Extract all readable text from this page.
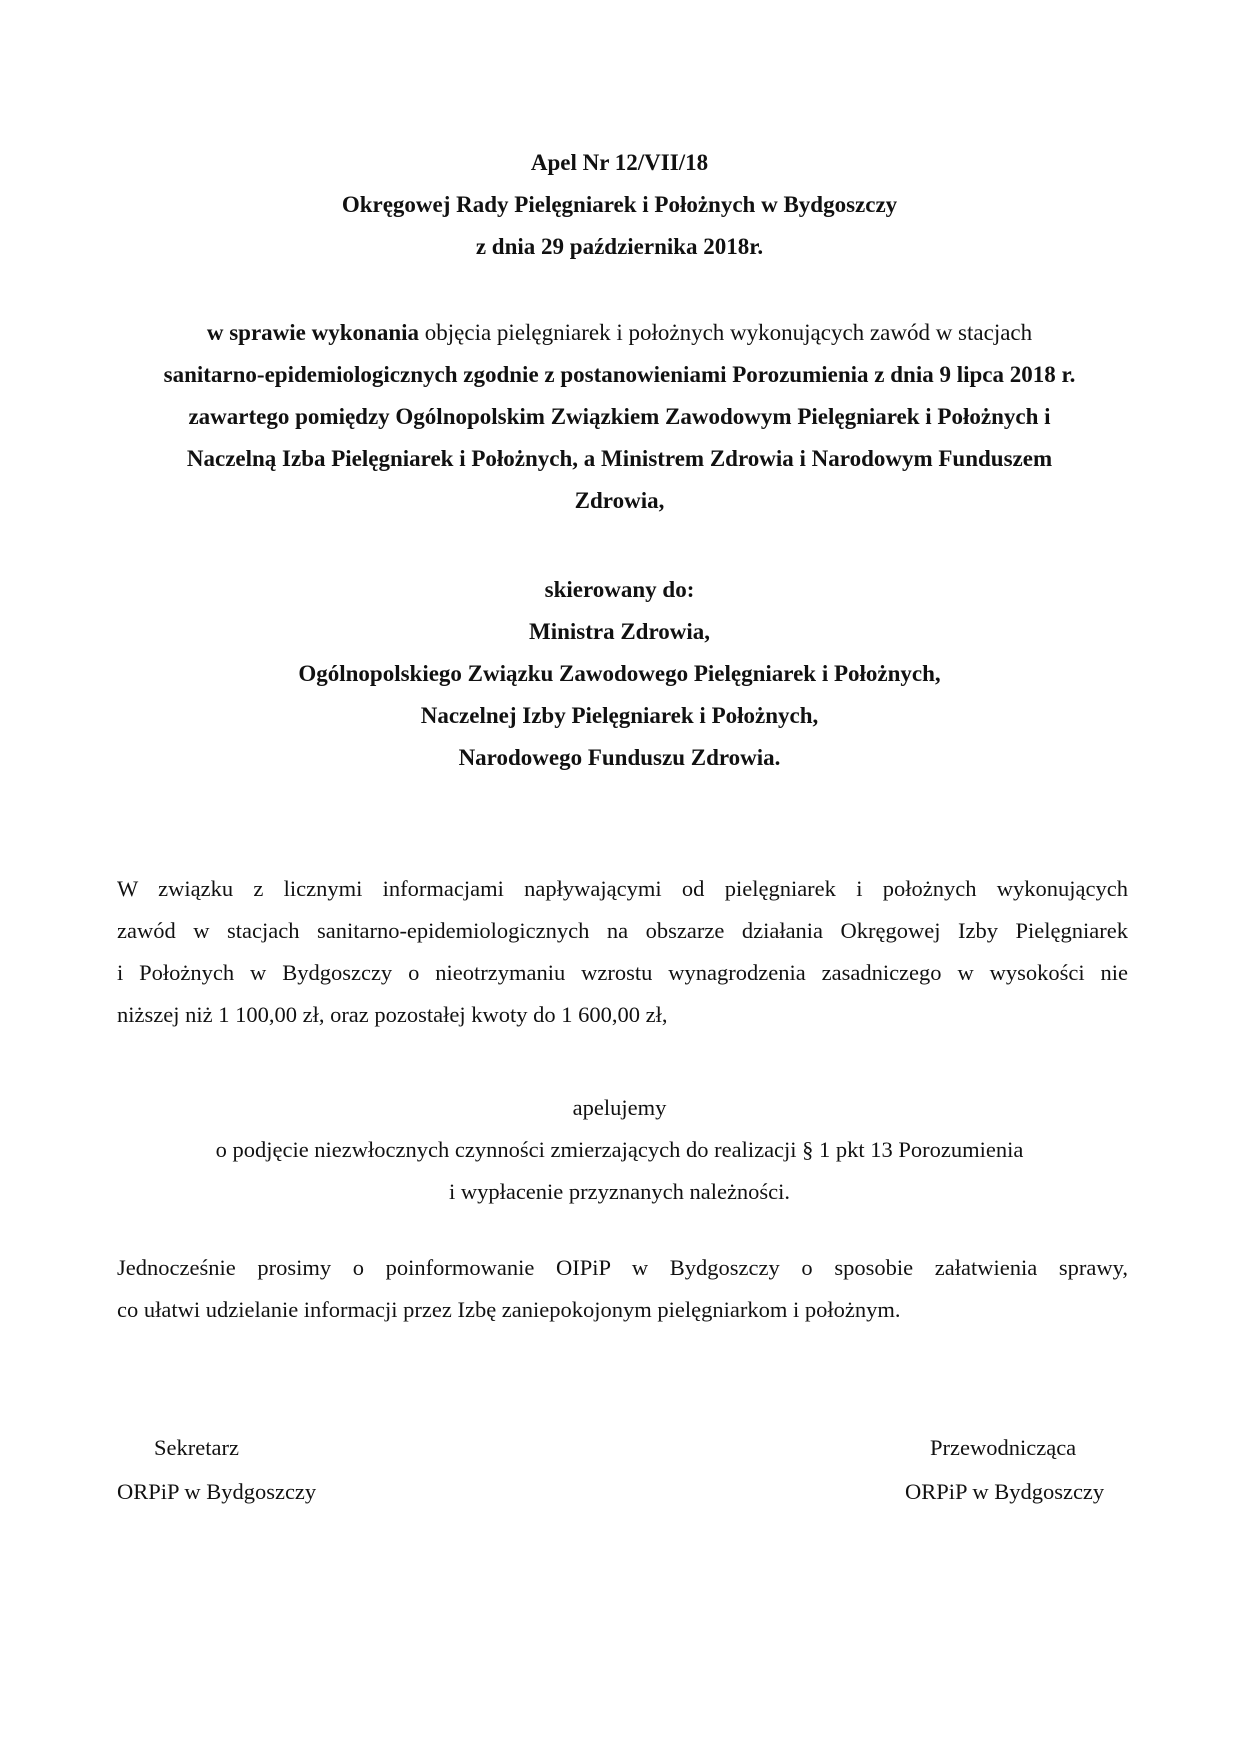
Apel Nr 12/VII/18
Okręgowej Rady Pielęgniarek i Położnych w Bydgoszczy
z dnia 29 października 2018r.
w sprawie wykonania objęcia pielęgniarek i położnych wykonujących zawód w stacjach
sanitarno-epidemiologicznych zgodnie z postanowieniami Porozumienia z dnia 9 lipca 2018 r.
zawartego pomiędzy Ogólnopolskim Związkiem Zawodowym Pielęgniarek i Położnych i
Naczelną Izba Pielęgniarek i Położnych, a Ministrem Zdrowia i Narodowym Funduszem
Zdrowia,
skierowany do:
Ministra Zdrowia,
Ogólnopolskiego Związku Zawodowego Pielęgniarek i Położnych,
Naczelnej Izby Pielęgniarek i Położnych,
Narodowego Funduszu Zdrowia.
W związku z licznymi informacjami napływającymi od pielęgniarek i położnych wykonujących
zawód w stacjach sanitarno-epidemiologicznych na obszarze działania Okręgowej Izby Pielęgniarek
i Położnych w Bydgoszczy o nieotrzymaniu wzrostu wynagrodzenia zasadniczego w wysokości nie
niższej niż 1 100,00 zł, oraz pozostałej kwoty do 1 600,00 zł,
apelujemy
o podjęcie niezwłocznych czynności zmierzających do realizacji § 1 pkt 13 Porozumienia
i wypłacenie przyznanych należności.
Jednocześnie prosimy o poinformowanie OIPiP w Bydgoszczy o sposobie załatwienia sprawy,
co ułatwi udzielanie informacji przez Izbę zaniepokojonym pielęgniarkom i położnym.
Sekretarz
ORPiP w Bydgoszczy
Przewodnicząca
ORPiP w Bydgoszczy
